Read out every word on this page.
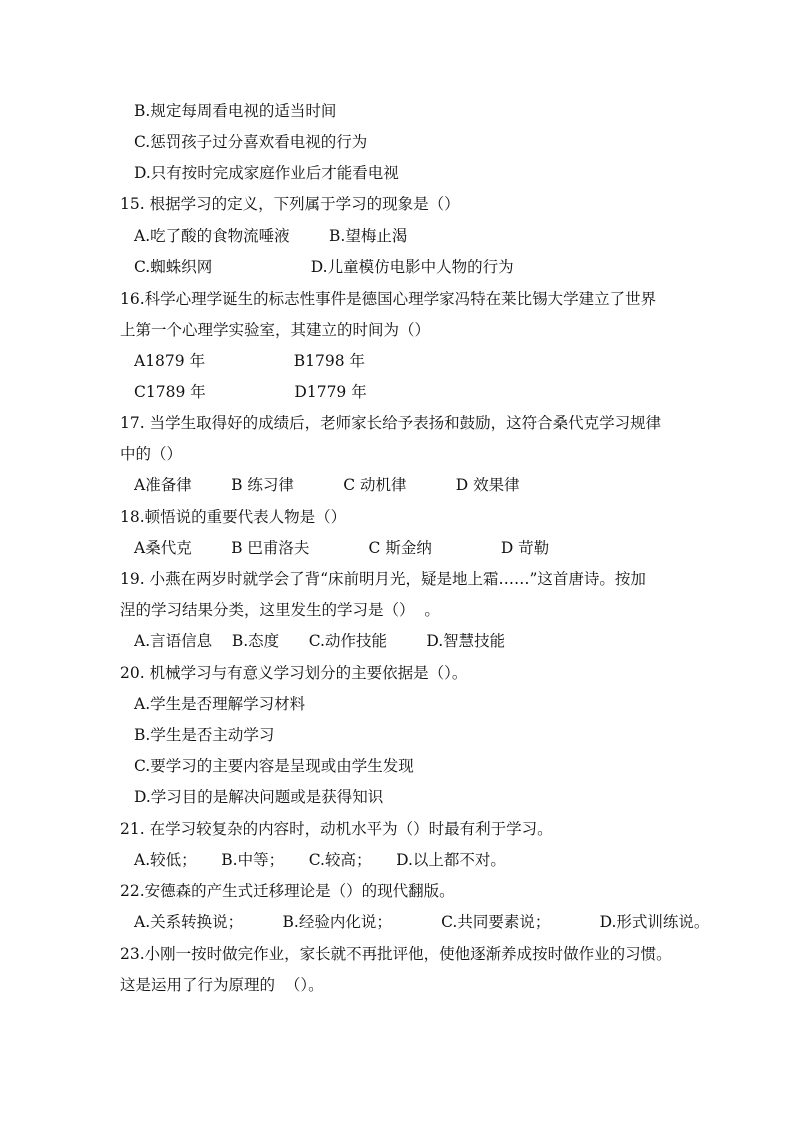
B.规定每周看电视的适当时间
C.惩罚孩子过分喜欢看电视的行为
D.只有按时完成家庭作业后才能看电视
15. 根据学习的定义，下列属于学习的现象是（）
A.吃了酸的食物流唾液        B.望梅止渴
C.蜘蛛织网                    D.儿童模仿电影中人物的行为
16.科学心理学诞生的标志性事件是德国心理学家冯特在莱比锡大学建立了世界
上第一个心理学实验室，其建立的时间为（）
A1879 年                  B1798 年
C1789 年                  D1779 年
17. 当学生取得好的成绩后，老师家长给予表扬和鼓励，这符合桑代克学习规律
中的（）
A准备律        B 练习律          C 动机律          D 效果律
18.顿悟说的重要代表人物是（）
A桑代克        B 巴甫洛夫            C 斯金纳              D 苛勒
19. 小燕在两岁时就学会了背“床前明月光，疑是地上霜……”这首唐诗。按加
涅的学习结果分类，这里发生的学习是（）  。
A.言语信息    B.态度      C.动作技能        D.智慧技能
20. 机械学习与有意义学习划分的主要依据是（）。
A.学生是否理解学习材料
B.学生是否主动学习
C.要学习的主要内容是呈现或由学生发现
D.学习目的是解决问题或是获得知识
21. 在学习较复杂的内容时，动机水平为（）时最有利于学习。
A.较低；     B.中等；     C.较高；     D.以上都不对。
22.安德森的产生式迁移理论是（）的现代翻版。
A.关系转换说；        B.经验内化说；          C.共同要素说；          D.形式训练说。
23.小刚一按时做完作业，家长就不再批评他，使他逐渐养成按时做作业的习惯。
这是运用了行为原理的  （）。
